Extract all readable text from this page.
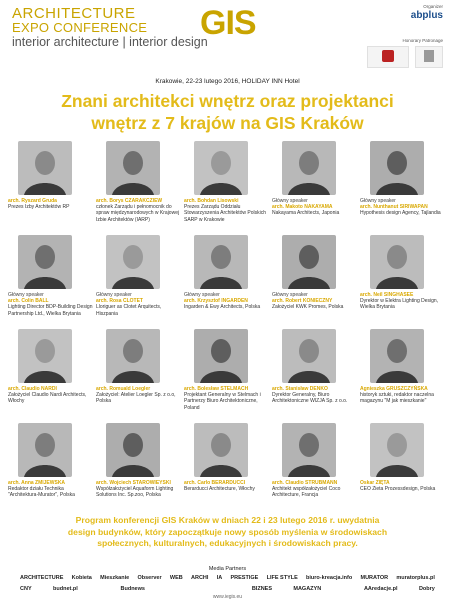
ARCHITECTURE
EXPO CONFERENCE
interior architecture | interior design
GIS	Organizer
abplus
Honorary Patronage
Krakowie, 22-23 lutego 2016, HOLIDAY INN Hotel
Znani architekci wnętrz oraz projektanci
wnętrz z 7 krajów na GIS Kraków
arch. Ryszard Gruda
Prezes Izby Architektów RP
arch. Borys CZARAKCZIEW
członek Zarządu i pełnomocnik do spraw międzynarodowych w Krajowej Izbie Architektów (IARP)
arch. Bohdan Lisowski
Prezes Zarządu Oddziału Stowarzyszenia Architektów Polskich SARP w Krakowie
Główny speaker
arch. Makoto NAKAYAMA
Nakayama Architects, Japonia
Główny speaker
arch. Nunthanut SIRIWAPAN
Hypothesis design Agency, Tajlandia
Główny speaker
arch. Colin BALL
Lighting Director BDP-Building Design Partnership Ltd., Wielka Brytania
Główny speaker
arch. Rosa CLOTET
Lloriguer as Clotet Arquitects, Hiszpania
Główny speaker
arch. Krzysztof INGARDEN
Ingarden & Ewy Architects, Polska
Główny speaker
arch. Robert KONIECZNY
Założyciel KWK Promes, Polska
arch. Neil SINGHASEE
Dyrektor w Elektra Lighting Design, Wielka Brytania
arch. Claudio NARDI
Założyciel Claudio Nardi Architects, Włochy
arch. Romuald Loegler
Założyciel: Atelier Loegler Sp. z o.o, Polska
arch. Bolesław STELMACH
Projektant Generalny w Stelmach i Partnerzy Biuro Architektoniczne, Poland
arch. Stanisław DENKO
Dyrektor Generalny, Biuro Architektoniczne WIZJA Sp. z o.o.
Agnieszka GRUSZCZYŃSKA
historyk sztuki, redaktor naczelna magazynu "M jak mieszkanie"
arch. Anna ZMIJEWSKA
Redaktor działu Technika "Architektura-Murator", Polska
arch. Wojciech STAROWIEYSKI
Współzałożyciel Aquaform Lighting Solutions Inc. Sp.zoo, Polska
arch. Carlo BERARDUCCI
Berarducci Architecture, Włochy
arch. Claudio STRUBMANN
Architekt współzałożyciel Coco Architecture, Francja
Oskar ZIĘTA
CEO Zieta Prozessdesign, Polska
Program konferencji GIS Kraków w dniach 22 i 23 lutego 2016 r. uwydatnia
design budynków, który zapoczątkuje nowy sposób myślenia w środowiskach
społecznych, kulturalnych, edukacyjnych i środowiskach pracy.
Media Partners
ARCHITECTURE Kobieta Mieszkanie Observer WEB ARCHI IA PRESTIGE LIFE STYLE biuro-kreacja.info MURATOR muratorplus.pl
CNY	budnet.pl	Budnews	BIZNES	MAGAZYN	AAredacje.pl	Dobry
www.iegis.eu
